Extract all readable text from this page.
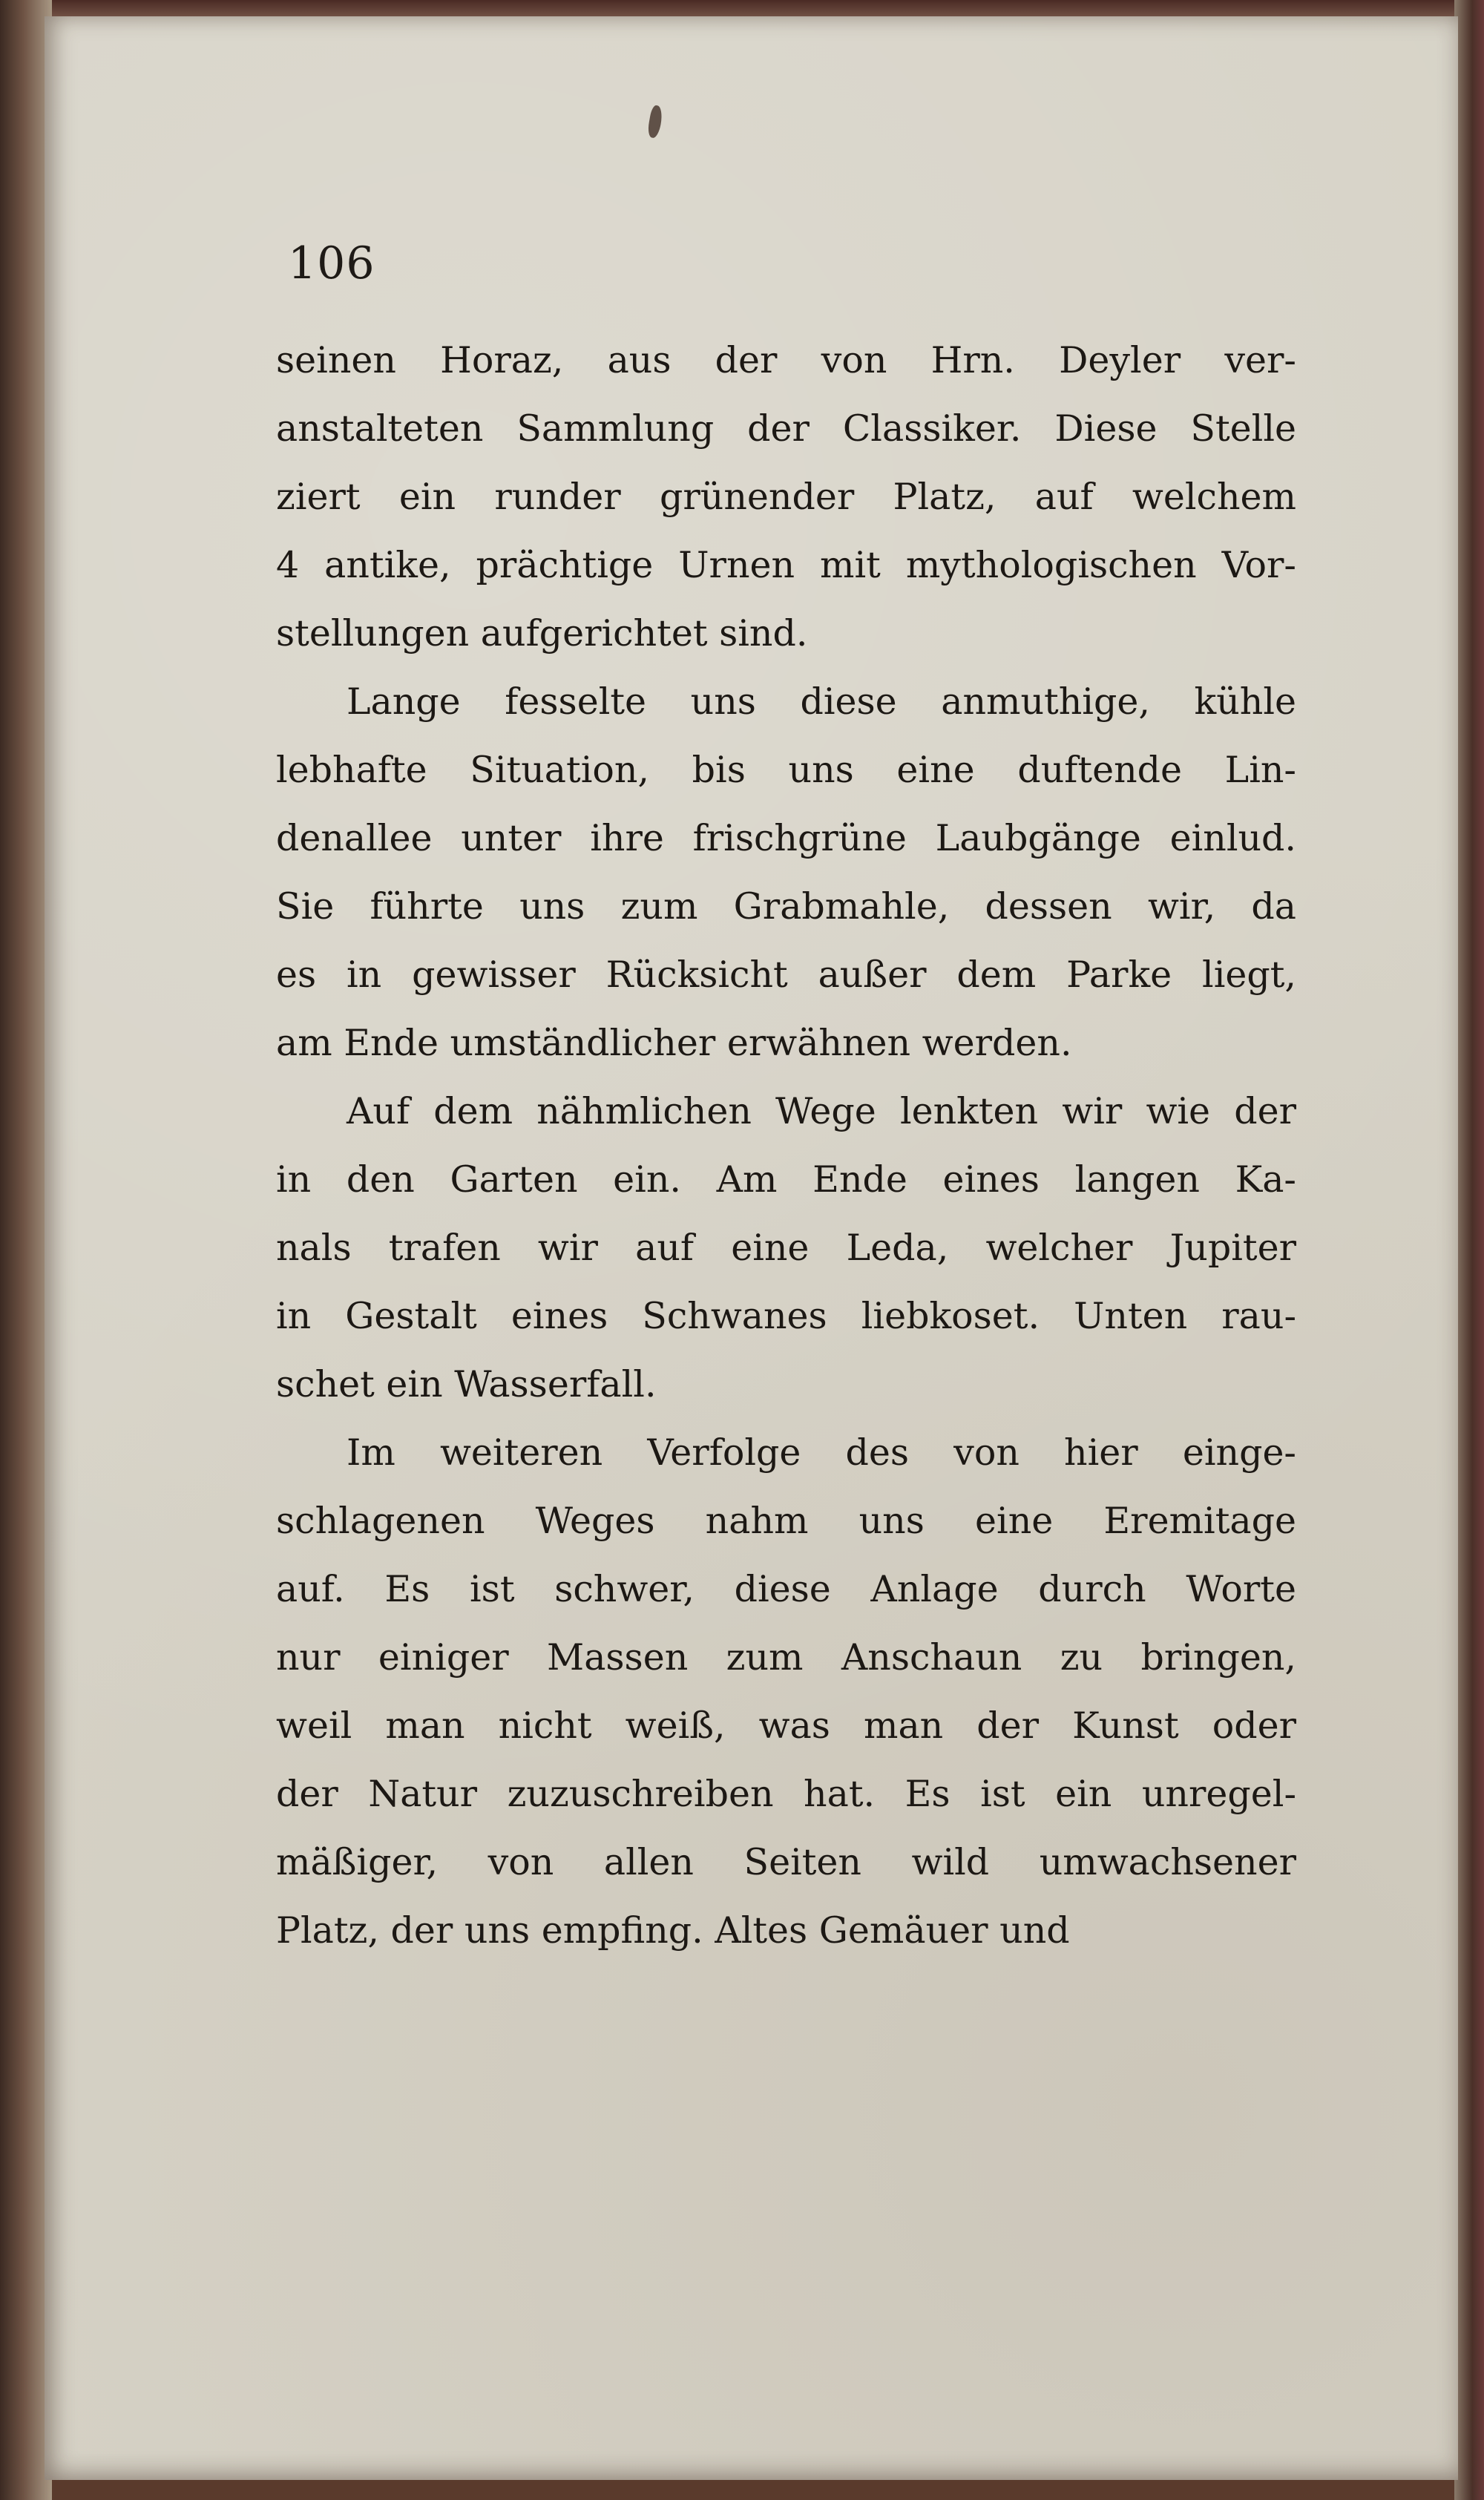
106
seinen Horaz, aus der von Hrn. Deyler ver-
anstalteten Sammlung der Classiker. Diese Stelle
ziert ein runder grünender Platz, auf welchem
4 antike, prächtige Urnen mit mythologischen Vor-
stellungen aufgerichtet sind.
Lange fesselte uns diese anmuthige, kühle
lebhafte Situation, bis uns eine duftende Lin-
denallee unter ihre frischgrüne Laubgänge einlud.
Sie führte uns zum Grabmahle, dessen wir, da
es in gewisser Rücksicht außer dem Parke liegt,
am Ende umständlicher erwähnen werden.
Auf dem nähmlichen Wege lenkten wir wie der
in den Garten ein. Am Ende eines langen Ka-
nals trafen wir auf eine Leda, welcher Jupiter
in Gestalt eines Schwanes liebkoset. Unten rau-
schet ein Wasserfall.
Im weiteren Verfolge des von hier einge-
schlagenen Weges nahm uns eine Eremitage
auf. Es ist schwer, diese Anlage durch Worte
nur einiger Massen zum Anschaun zu bringen,
weil man nicht weiß, was man der Kunst oder
der Natur zuzuschreiben hat. Es ist ein unregel-
mäßiger, von allen Seiten wild umwachsener
Platz, der uns empfing. Altes Gemäuer und
